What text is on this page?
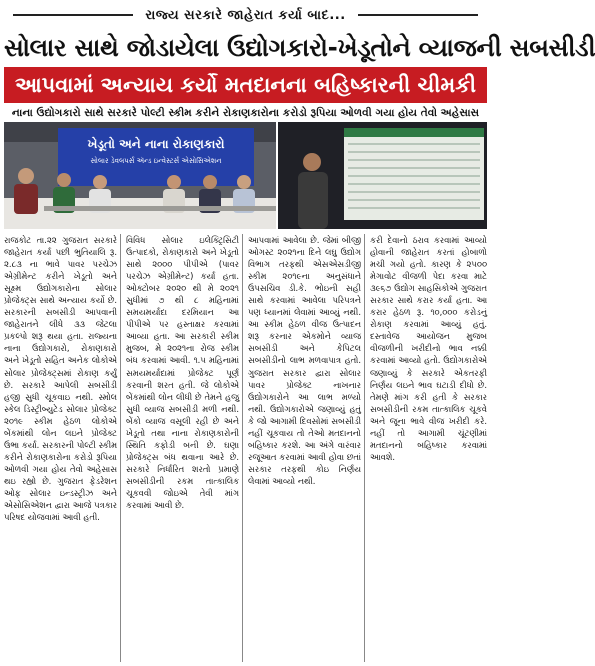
રાજ્ય સરકારે જાહેરાત કર્યા બાદ...
સોલાર સાથે જોડાયેલા ઉદ્યોગકારો-ખેડૂતોને વ્યાજની સબસીડી
આપવામાં અન્યાય કર્યો મતદાનના બહિષ્કારની ચીમકી
નાના ઉદ્યોગકારો સાથે સરકારે પોલ્ટી સ્કીમ કરીને રોકાણકારોના કરોડો રૂપિયા ઓળવી ગયા હોય તેવો અહેસાસ
ખેડૂતો અને નાના રોકાણકારો
સોલાર ડેવલપર્સ ઍન્ડ ઇન્વેસ્ટર્સ એસોસિએશન

રાજકોટ તા.૨૨ ગુજરાત સરકારે જાહેરાત કર્યા પછી ભુતિયાલિ રૂ. ૨.૮૩ ના ભાવે પાવર પરચેઝ એગ્રીમેન્ટ કરીને ખેડૂતો અને સૂક્ષ્મ ઉદ્યોગકારોના સોલાર પ્રોજેક્ટ્સ સાથે અન્યાય કર્યો છે. સરકારની સબસીડી આપવાની જાહેરાતને લીધે ૩૩ જેટલા પ્રકલ્પો શરૂ થયા હતા. રાજ્યના નાના ઉદ્યોગકારો, રોકાણકારો અને ખેડૂતો સહિત અનેક લોકોએ સોલાર પ્રોજેક્ટ્સમાં રોકાણ કર્યું છે. સરકારે આપેલી સબસીડી હજી સુધી ચૂકવાઇ નથી. સ્મોલ સ્કેલ ડિસ્ટ્રીબ્યુટેડ સોલાર પ્રોજેક્ટ ૨૦૧૯ સ્કીમ હેઠળ લોકોએ બેંકમાંથી લોન લઇને પ્રોજેક્ટ ઉભા કર્યા. સરકારની પોલ્ટી સ્કીમ કરીને રોકાણકારોના કરોડો રૂપિયા ઓળવી ગયા હોય તેવો અહેસાસ થઇ રહ્યો છે. ગુજરાત ફેડરેશન ઓફ સોલાર ઇન્ડસ્ટ્રીઝ અને એસોસિએશન દ્વારા આજે પત્રકાર પરિષદ યોજવામાં આવી હતી.

વિવિધ સોલાર ઇલેક્ટ્રિસિટી ઉત્પાદકો, રોકાણકારો અને ખેડૂતો સાથે ૨૦૦૦ પીપીએ (પાવર પરચેઝ એગ્રીમેન્ટ) કર્યા હતા. ઓક્ટોબર ૨૦૨૦ થી મે ૨૦૨૧ સુધીમાં ૭ થી ૮ મહિનામાં સમયમર્યાદા દરમિયાન આ પીપીએ પર હસ્તાક્ષર કરવામાં આવ્યા હતા. આ સરકારી સ્કીમ મુજબ, મે ૨૦૨૧ના રોજ સ્કીમ બંધ કરવામાં આવી. ૧.૫ મહિનામાં સમયમર્યાદામાં પ્રોજેક્ટ પૂર્ણ કરવાની શરત હતી. જે લોકોએ બેંકમાંથી લોન લીધી છે તેમને હજુ સુધી વ્યાજ સબસીડી મળી નથી. બેંકો વ્યાજ વસૂલી રહી છે અને ખેડૂતો તથા નાના રોકાણકારોની સ્થિતિ કફોડી બની છે. ઘણા પ્રોજેક્ટ્સ બંધ થવાના આરે છે. સરકારે નિર્ધારિત શરતો પ્રમાણે સબસીડીની રકમ તાત્કાલિક ચૂકવવી જોઇએ તેવી માંગ કરવામાં આવી છે.

આપવામાં આવેલા છે. જેમાં બીજી ઓગસ્ટ ૨૦૨૧ના દિને લઘુ ઉદ્યોગ વિભાગ તરફથી એસએસડીજી સ્કીમ ૨૦૧૯ના અનુસંધાને ઉપસચિવ ડી.કે. ભોઇની સહી સાથે કરવામાં આવેલા પરિપત્રને પણ ધ્યાનમાં લેવામાં આવ્યું નથી. આ સ્કીમ હેઠળ વીજ ઉત્પાદન શરૂ કરનાર એકમોને વ્યાજ સબસીડી અને કેપિટલ સબસીડીનો લાભ મળવાપાત્ર હતો. ગુજરાત સરકાર દ્વારા સોલાર પાવર પ્રોજેક્ટ નાખનાર ઉદ્યોગકારોને આ લાભ મળ્યો નથી. ઉદ્યોગકારોએ જણાવ્યું હતું કે જો આગામી દિવસોમાં સબસીડી નહીં ચૂકવાય તો તેઓ મતદાનનો બહિષ્કાર કરશે. આ અંગે વારંવાર રજૂઆત કરવામાં આવી હોવા છતાં સરકાર તરફથી કોઇ નિર્ણય લેવામાં આવ્યો નથી.

કરી દેવાનો ઠરાવ કરવામાં આવ્યો હોવાની જાહેરાત કરતાં હોબાળો મચી ગયો હતો. કારણ કે ૨૫૦૦ મેગાવોટ વીજળી પેદા કરવા માટે ૩૯૬૭ ઉદ્યોગ સાહસિકોએ ગુજરાત સરકાર સાથે કરાર કર્યા હતા. આ કરાર હેઠળ રૂ. ૧૦,૦૦૦ કરોડનું રોકાણ કરવામાં આવ્યું હતું. દસ્તાવેજ આયોજન મુજબ વીજળીની ખરીદીનો ભાવ નક્કી કરવામાં આવ્યો હતો. ઉદ્યોગકારોએ જણાવ્યું કે સરકારે એકતરફી નિર્ણય લઇને ભાવ ઘટાડી દીધો છે. તેમણે માંગ કરી હતી કે સરકાર સબસીડીની રકમ તાત્કાલિક ચૂકવે અને જૂના ભાવે વીજ ખરીદી કરે. નહીં તો આગામી ચૂંટણીમાં મતદાનનો બહિષ્કાર કરવામાં આવશે.
